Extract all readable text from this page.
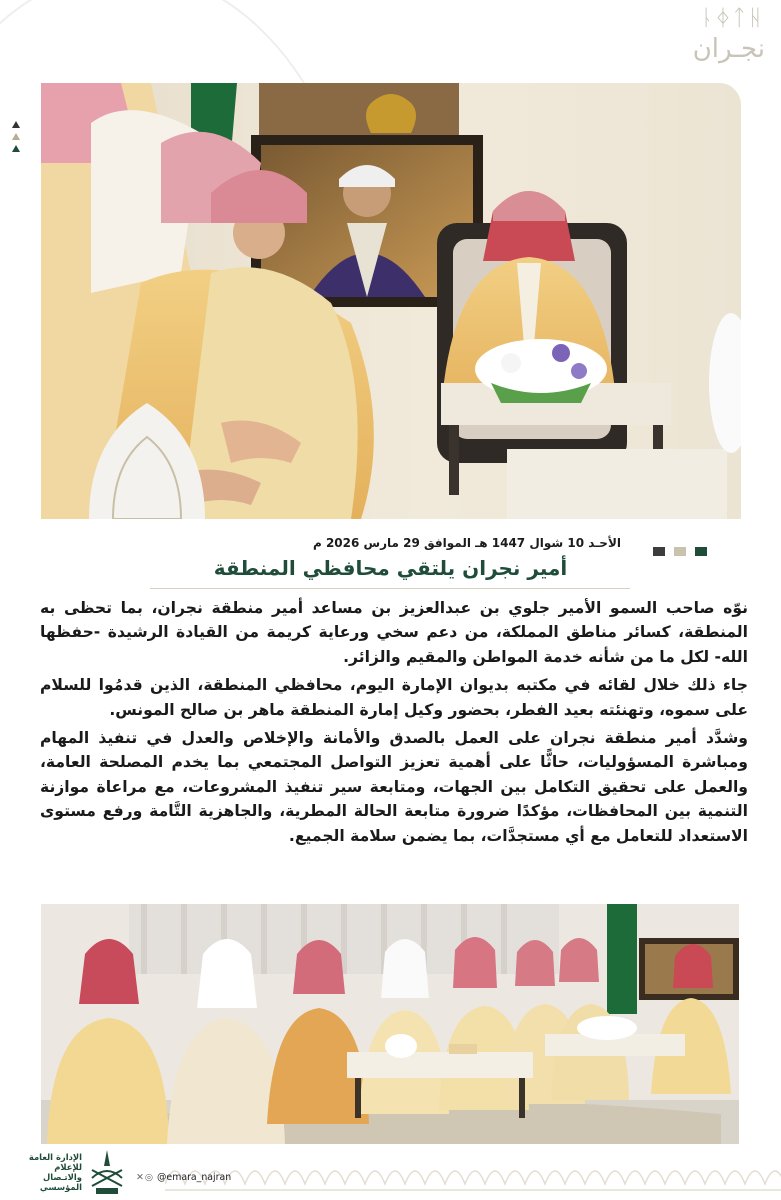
ᚿᛄᛏᚺ
نجـران
الأحـد 10 شوال 1447 هـ الموافق 29 مارس 2026 م
أمير نجران يلتقي محافظي المنطقة

نوّه صاحب السمو الأمير جلوي بن عبدالعزيز بن مساعد أمير منطقة نجران، بما تحظى به المنطقة، كسائر مناطق المملكة، من دعم سخي ورعاية كريمة من القيادة الرشيدة -حفظها الله- لكل ما من شأنه خدمة المواطن والمقيم والزائر.

جاء ذلك خلال لقائه في مكتبه بديوان الإمارة اليوم، محافظي المنطقة، الذين قدمُوا للسلام على سموه، وتهنئته بعيد الفطر، بحضور وكيل إمارة المنطقة ماهر بن صالح المونس.

وشدَّد أمير منطقة نجران على العمل بالصدق والأمانة والإخلاص والعدل في تنفيذ المهام ومباشرة المسؤوليات، حاثًّا على أهمية تعزيز التواصل المجتمعي بما يخدم المصلحة العامة، والعمل على تحقيق التكامل بين الجهات، ومتابعة سير تنفيذ المشروعات، مع مراعاة موازنة التنمية بين المحافظات، مؤكدًا ضرورة متابعة الحالة المطرية، والجاهزية التَّامة ورفع مستوى الاستعداد للتعامل مع أي مستجدَّات، بما يضمن سلامة الجميع.

الإدارة العامة للإعلام
والاتـصال المؤسسي
✕◎ @emara_najran
